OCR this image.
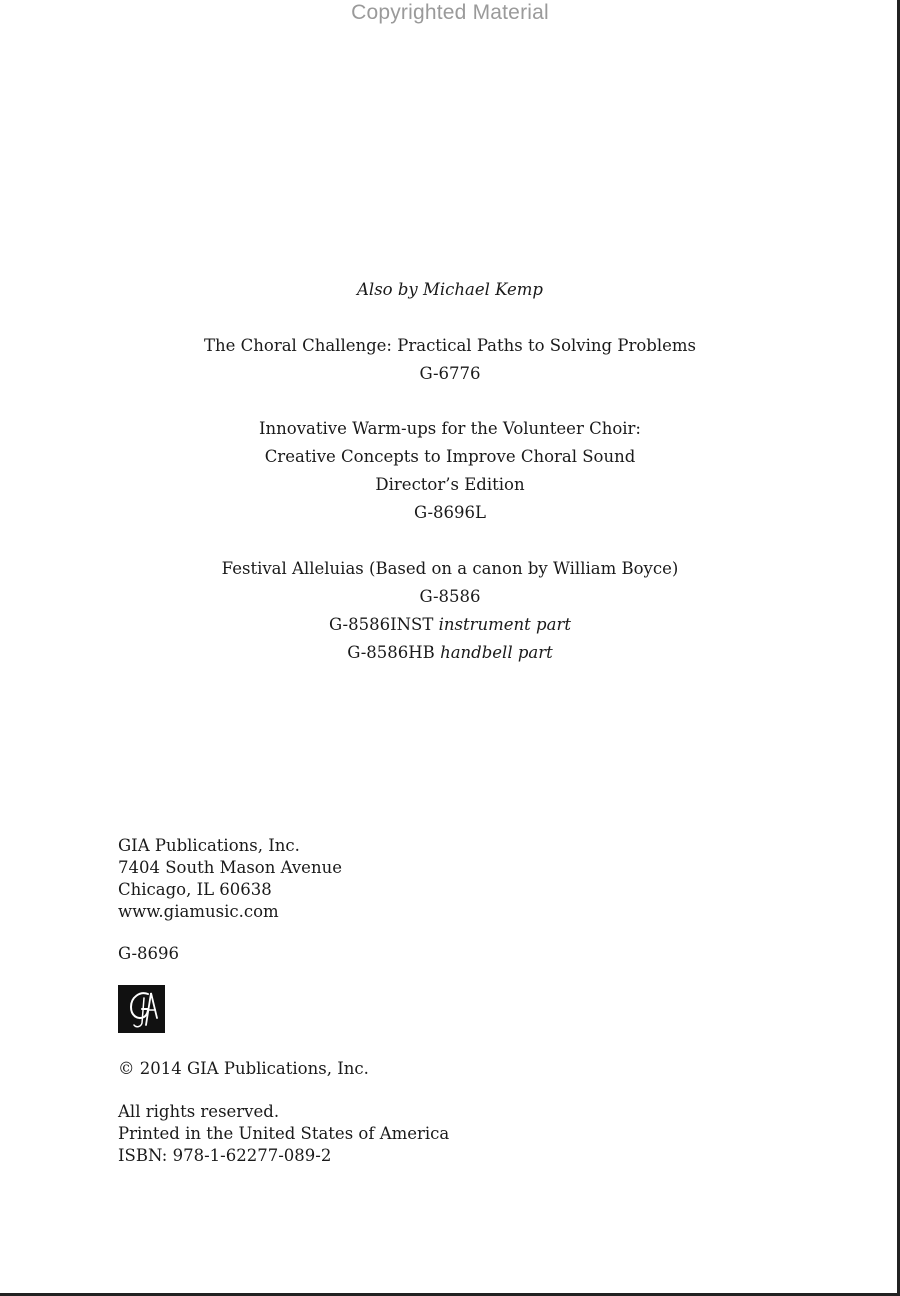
Copyrighted Material
Also by Michael Kemp
The Choral Challenge: Practical Paths to Solving Problems
G-6776
Innovative Warm-ups for the Volunteer Choir:
Creative Concepts to Improve Choral Sound
Director’s Edition
G-8696L
Festival Alleluias (Based on a canon by William Boyce)
G-8586
G-8586INST instrument part
G-8586HB handbell part
GIA Publications, Inc.
7404 South Mason Avenue
Chicago, IL 60638
www.giamusic.com
G-8696
© 2014 GIA Publications, Inc.
All rights reserved.
Printed in the United States of America
ISBN: 978-1-62277-089-2
